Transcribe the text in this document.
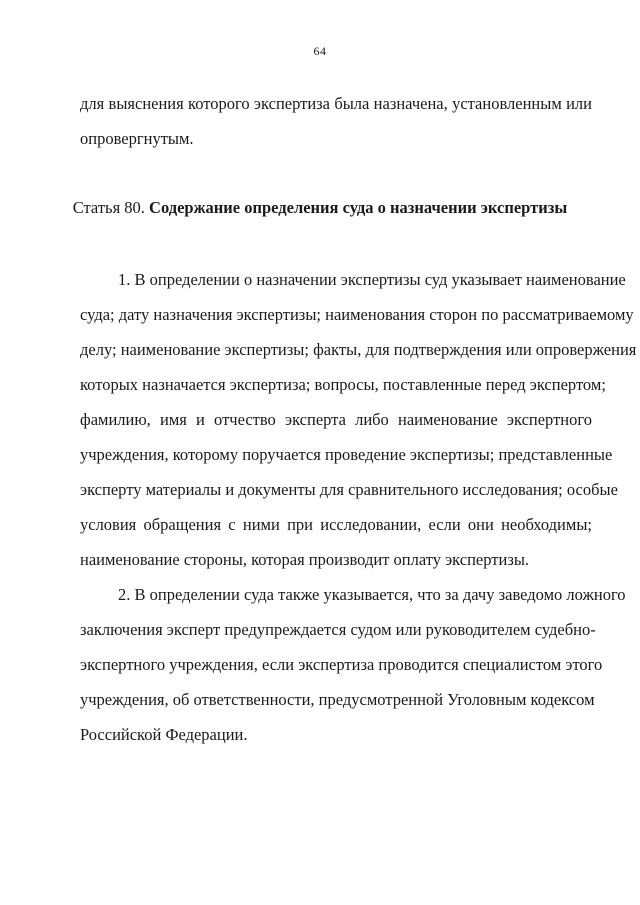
64
для выяснения которого экспертиза была назначена, установленным или
опровергнутым.
Статья 80. Содержание определения суда о назначении экспертизы
1. В определении о назначении экспертизы суд указывает наименование
суда; дату назначения экспертизы; наименования сторон по рассматриваемому
делу; наименование экспертизы; факты, для подтверждения или опровержения
которых назначается экспертиза; вопросы, поставленные перед экспертом;
фамилию, имя и отчество эксперта либо наименование экспертного
учреждения, которому поручается проведение экспертизы; представленные
эксперту материалы и документы для сравнительного исследования; особые
условия обращения с ними при исследовании, если они необходимы;
наименование стороны, которая производит оплату экспертизы.
2. В определении суда также указывается, что за дачу заведомо ложного
заключения эксперт предупреждается судом или руководителем судебно-
экспертного учреждения, если экспертиза проводится специалистом этого
учреждения, об ответственности, предусмотренной Уголовным кодексом
Российской Федерации.
